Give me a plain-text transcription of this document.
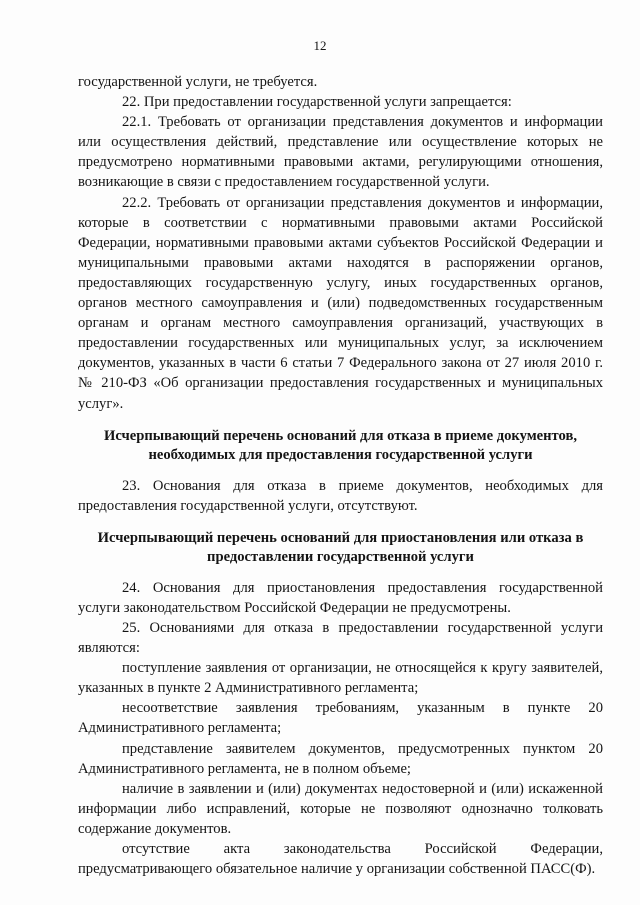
12

государственной услуги, не требуется.

22. При предоставлении государственной услуги запрещается:

22.1. Требовать от организации представления документов и информации или осуществления действий, представление или осуществление которых не предусмотрено нормативными правовыми актами, регулирующими отношения, возникающие в связи с предоставлением государственной услуги.

22.2. Требовать от организации представления документов и информации, которые в соответствии с нормативными правовыми актами Российской Федерации, нормативными правовыми актами субъектов Российской Федерации и муниципальными правовыми актами находятся в распоряжении органов, предоставляющих государственную услугу, иных государственных органов, органов местного самоуправления и (или) подведомственных государственным органам и органам местного самоуправления организаций, участвующих в предоставлении государственных или муниципальных услуг, за исключением документов, указанных в части 6 статьи 7 Федерального закона от 27 июля 2010 г. № 210-ФЗ «Об организации предоставления государственных и муниципальных услуг».

Исчерпывающий перечень оснований для отказа в приеме документов,
необходимых для предоставления государственной услуги

23. Основания для отказа в приеме документов, необходимых для предоставления государственной услуги, отсутствуют.

Исчерпывающий перечень оснований для приостановления или отказа в
предоставлении государственной услуги

24. Основания для приостановления предоставления государственной услуги законодательством Российской Федерации не предусмотрены.

25. Основаниями для отказа в предоставлении государственной услуги являются:

поступление заявления от организации, не относящейся к кругу заявителей, указанных в пункте 2 Административного регламента;

несоответствие заявления требованиям, указанным в пункте 20 Административного регламента;

представление заявителем документов, предусмотренных пунктом 20 Административного регламента, не в полном объеме;

наличие в заявлении и (или) документах недостоверной и (или) искаженной информации либо исправлений, которые не позволяют однозначно толковать содержание документов.

отсутствие акта законодательства Российской Федерации, предусматривающего обязательное наличие у организации собственной ПАСС(Ф).
